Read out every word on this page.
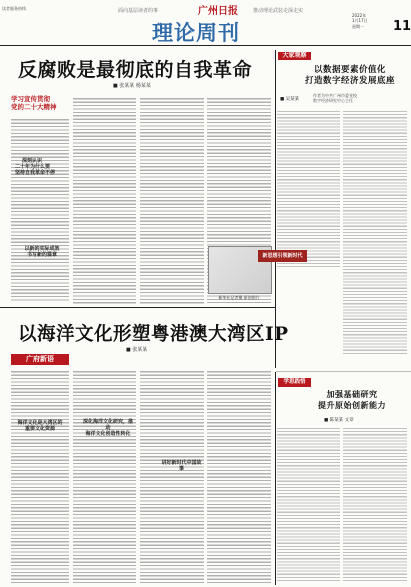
读者服务热线	面向基层读者的事	推动理论武装走深走实
广州日报
理论周刊	11
2022年
1月17日
星期一
反腐败是最彻底的自我革命
■ 张某某 杨某某
学习宣传贯彻
党的二十大精神
深刻认识
二十年为什么要
坚持自我革命不停
以新的实际成效
书写新的篇章
大家观察
以数据要素价值化
打造数字经济发展底座
■ 吴某某
作者为中共广州市委党校
数字经济研究中心主任
新华社记者摄 原创图片
新思想引领新时代
以海洋文化形塑粤港澳大湾区IP
■ 张某某
广府新语
海洋文化是大湾区的
重要文化资源
深化海洋文化研究，推动
海洋文化创造性转化
讲好新时代中国故事
学思践悟
加强基础研究
提升原始创新能力
■ 陈某某 文章
